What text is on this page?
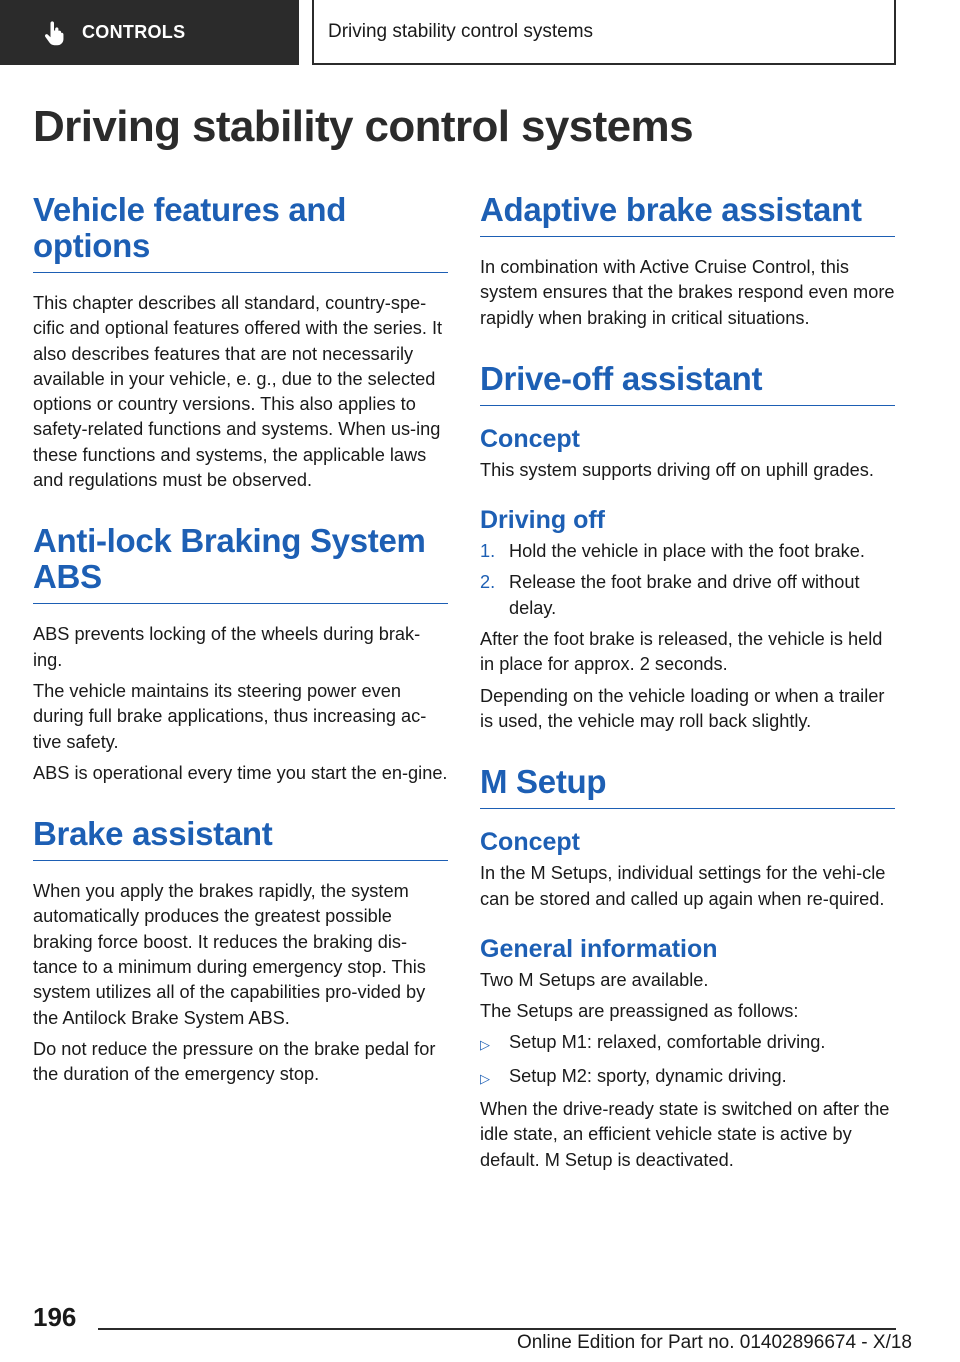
CONTROLS	Driving stability control systems
Driving stability control systems
Vehicle features and options

This chapter describes all standard, country-spe‐cific and optional features offered with the series. It also describes features that are not necessarily available in your vehicle, e. g., due to the selected options or country versions. This also applies to safety-related functions and systems. When us‐ing these functions and systems, the applicable laws and regulations must be observed.

Anti-lock Braking System ABS

ABS prevents locking of the wheels during brak‐ing.

The vehicle maintains its steering power even during full brake applications, thus increasing ac‐tive safety.

ABS is operational every time you start the en‐gine.

Brake assistant

When you apply the brakes rapidly, the system automatically produces the greatest possible braking force boost. It reduces the braking dis‐tance to a minimum during emergency stop. This system utilizes all of the capabilities pro‐vided by the Antilock Brake System ABS.

Do not reduce the pressure on the brake pedal for the duration of the emergency stop.

Adaptive brake assistant

In combination with Active Cruise Control, this system ensures that the brakes respond even more rapidly when braking in critical situations.

Drive-off assistant
Concept

This system supports driving off on uphill grades.

Driving off
1. Hold the vehicle in place with the foot brake.
2. Release the foot brake and drive off without delay.

After the foot brake is released, the vehicle is held in place for approx. 2 seconds.

Depending on the vehicle loading or when a trailer is used, the vehicle may roll back slightly.

M Setup
Concept

In the M Setups, individual settings for the vehi‐cle can be stored and called up again when re‐quired.

General information

Two M Setups are available.

The Setups are preassigned as follows:

▷	Setup M1: relaxed, comfortable driving.
▷	Setup M2: sporty, dynamic driving.

When the drive-ready state is switched on after the idle state, an efficient vehicle state is active by default. M Setup is deactivated.

196
Online Edition for Part no. 01402896674 - X/18
